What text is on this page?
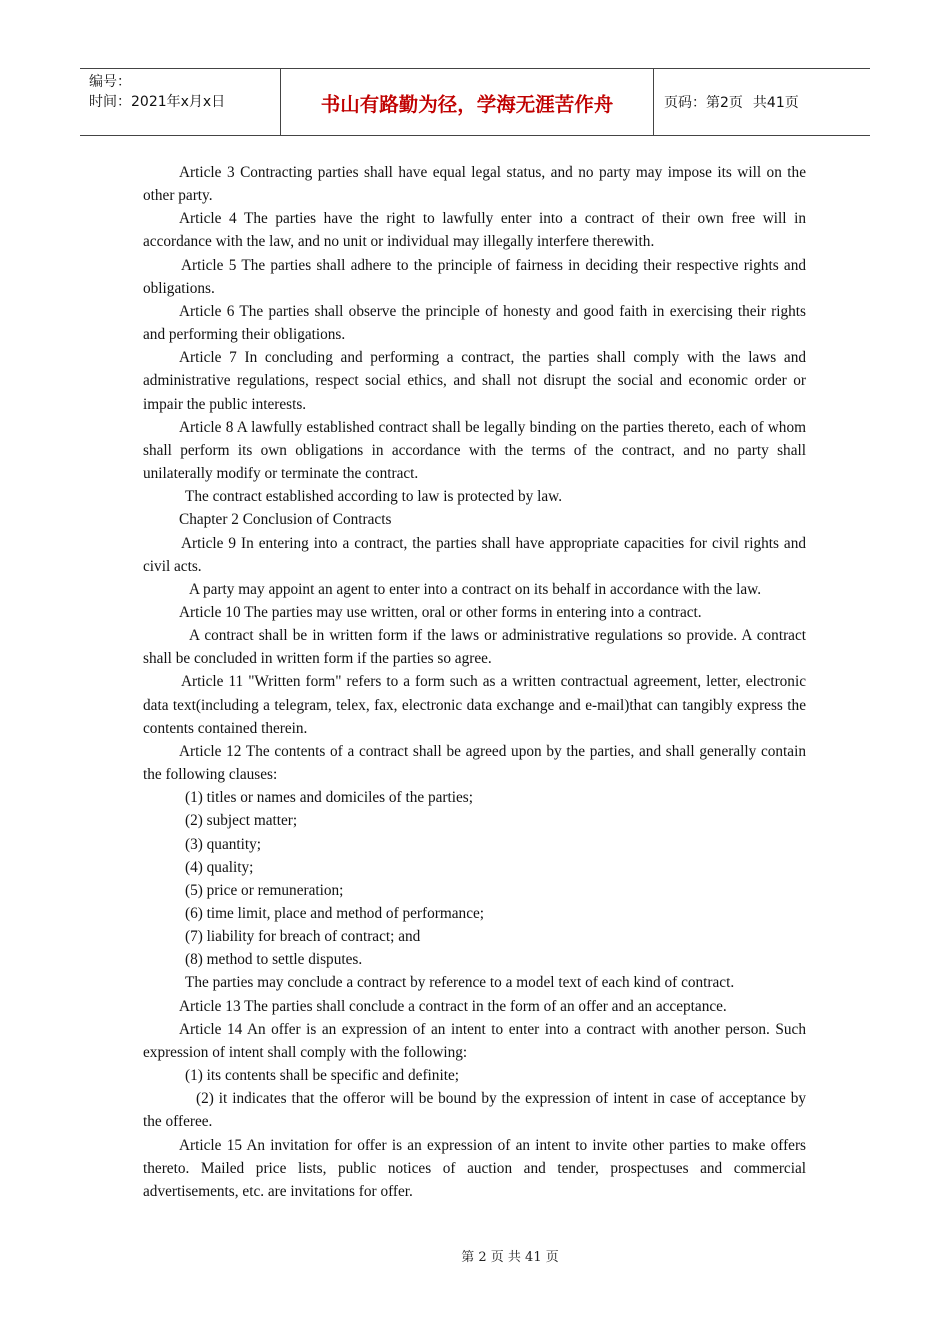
编号：
时间：2021年x月x日	书山有路勤为径，学海无涯苦作舟	页码：第2页 共41页

Article 3 Contracting parties shall have equal legal status, and no party may impose its will on the other party.

Article 4 The parties have the right to lawfully enter into a contract of their own free will in accordance with the law, and no unit or individual may illegally interfere therewith.

Article 5 The parties shall adhere to the principle of fairness in deciding their respective rights and obligations.

Article 6 The parties shall observe the principle of honesty and good faith in exercising their rights and performing their obligations.

Article 7 In concluding and performing a contract, the parties shall comply with the laws and administrative regulations, respect social ethics, and shall not disrupt the social and economic order or impair the public interests.

Article 8 A lawfully established contract shall be legally binding on the parties thereto, each of whom shall perform its own obligations in accordance with the terms of the contract, and no party shall unilaterally modify or terminate the contract.

The contract established according to law is protected by law.

Chapter 2 Conclusion of Contracts

Article 9 In entering into a contract, the parties shall have appropriate capacities for civil rights and civil acts.

A party may appoint an agent to enter into a contract on its behalf in accordance with the law.

Article 10 The parties may use written, oral or other forms in entering into a contract.

A contract shall be in written form if the laws or administrative regulations so provide. A contract shall be concluded in written form if the parties so agree.

Article 11 "Written form" refers to a form such as a written contractual agreement, letter, electronic data text(including a telegram, telex, fax, electronic data exchange and e-mail)that can tangibly express the contents contained therein.

Article 12 The contents of a contract shall be agreed upon by the parties, and shall generally contain the following clauses:

(1) titles or names and domiciles of the parties;

(2) subject matter;

(3) quantity;

(4) quality;

(5) price or remuneration;

(6) time limit, place and method of performance;

(7) liability for breach of contract; and

(8) method to settle disputes.

The parties may conclude a contract by reference to a model text of each kind of contract.

Article 13 The parties shall conclude a contract in the form of an offer and an acceptance.

Article 14 An offer is an expression of an intent to enter into a contract with another person. Such expression of intent shall comply with the following:

(1) its contents shall be specific and definite;

(2) it indicates that the offeror will be bound by the expression of intent in case of acceptance by the offeree.

Article 15 An invitation for offer is an expression of an intent to invite other parties to make offers thereto. Mailed price lists, public notices of auction and tender, prospectuses and commercial advertisements, etc. are invitations for offer.

第 2 页 共 41 页
